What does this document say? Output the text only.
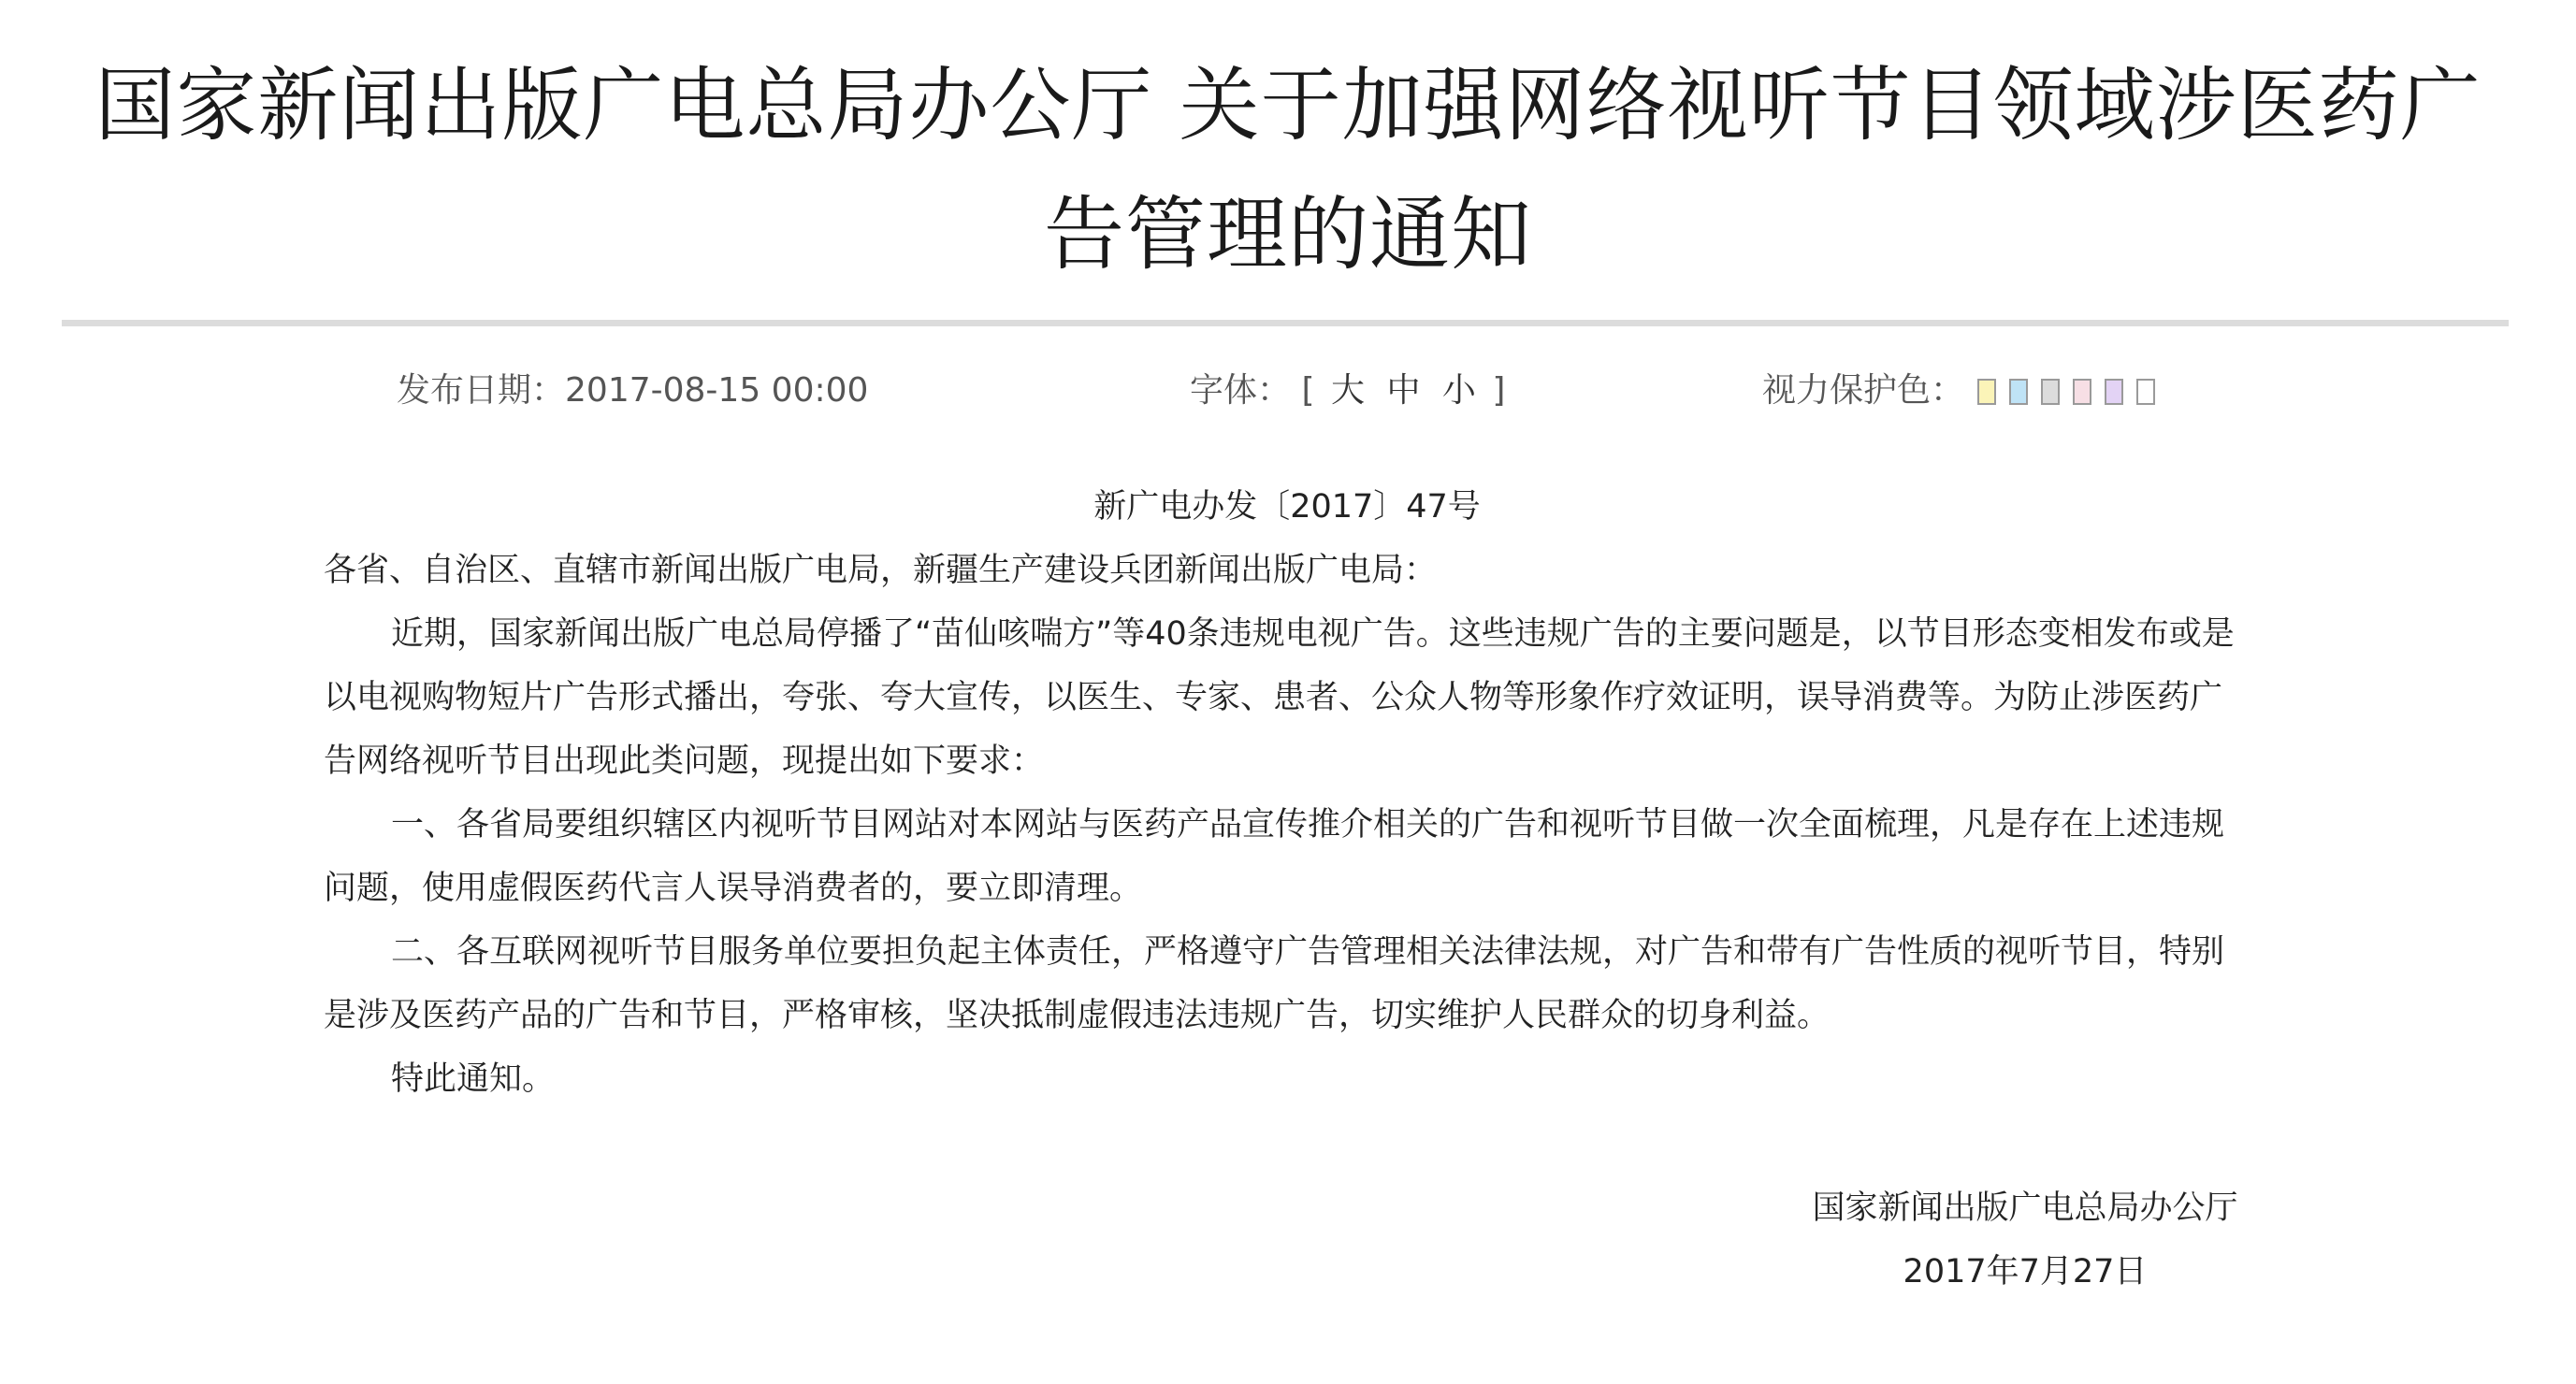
国家新闻出版广电总局办公厅 关于加强网络视听节目领域涉医药广告管理的通知
发布日期：2017-08-15 00:00	字体： [ 大 中 小 ]	视力保护色：

新广电办发〔2017〕47号

各省、自治区、直辖市新闻出版广电局，新疆生产建设兵团新闻出版广电局：

近期，国家新闻出版广电总局停播了“苗仙咳喘方”等40条违规电视广告。这些违规广告的主要问题是，以节目形态变相发布或是以电视购物短片广告形式播出，夸张、夸大宣传，以医生、专家、患者、公众人物等形象作疗效证明，误导消费等。为防止涉医药广告网络视听节目出现此类问题，现提出如下要求：

一、各省局要组织辖区内视听节目网站对本网站与医药产品宣传推介相关的广告和视听节目做一次全面梳理，凡是存在上述违规问题，使用虚假医药代言人误导消费者的，要立即清理。

二、各互联网视听节目服务单位要担负起主体责任，严格遵守广告管理相关法律法规，对广告和带有广告性质的视听节目，特别是涉及医药产品的广告和节目，严格审核，坚决抵制虚假违法违规广告，切实维护人民群众的切身利益。

特此通知。

国家新闻出版广电总局办公厅

2017年7月27日
